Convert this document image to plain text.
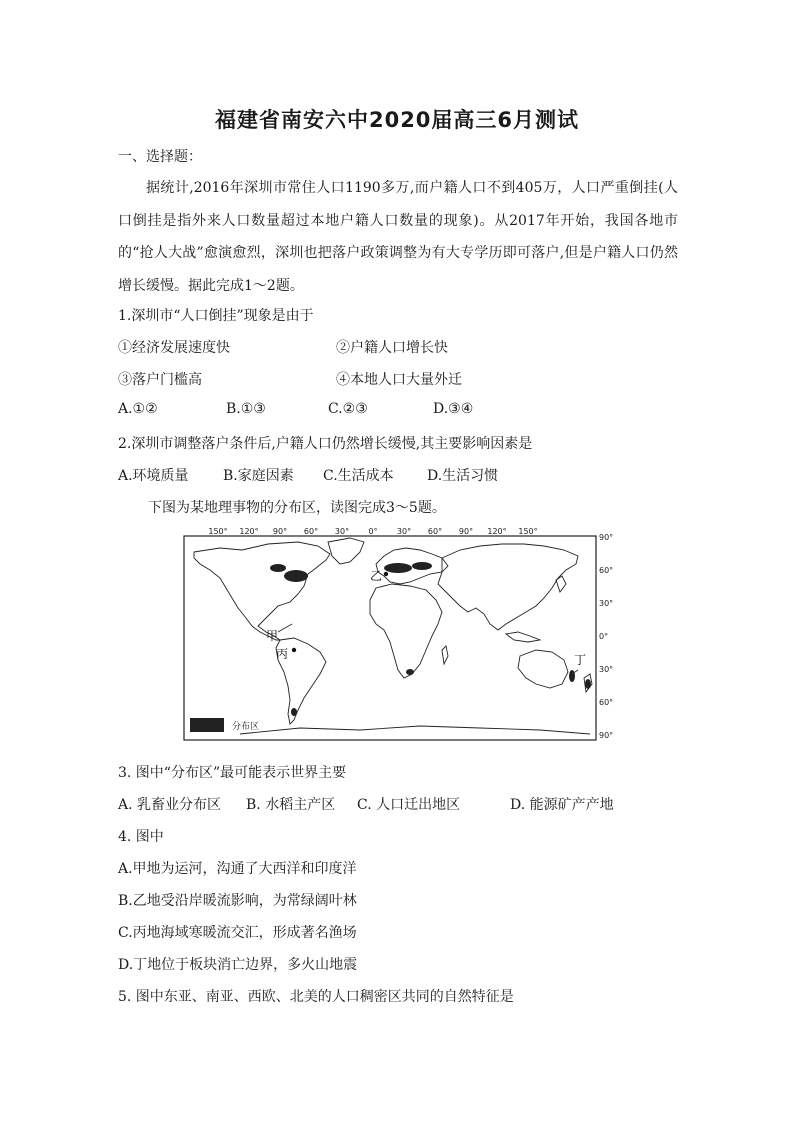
福建省南安六中2020届高三6月测试
一、选择题：
据统计,2016年深圳市常住人口1190多万,而户籍人口不到405万，人口严重倒挂(人口倒挂是指外来人口数量超过本地户籍人口数量的现象)。从2017年开始，我国各地市的“抢人大战”愈演愈烈，深圳也把落户政策调整为有大专学历即可落户,但是户籍人口仍然增长缓慢。据此完成1～2题。
1.深圳市“人口倒挂”现象是由于
①经济发展速度快	②户籍人口增长快
③落户门槛高	④本地人口大量外迁
A.①②	B.①③	C.②③	D.③④
2.深圳市调整落户条件后,户籍人口仍然增长缓慢,其主要影响因素是
A.环境质量 B.家庭因素 C.生活成本 D.生活习惯
下图为某地理事物的分布区，读图完成3～5题。
150° 120° 90° 60° 30° 0° 30° 60° 90° 120° 150°
90°
60°
30°
0°
30°
60°
90°
甲
丙
乙
丁
分布区
3. 图中“分布区”最可能表示世界主要
A. 乳畜业分布区 B. 水稻主产区 C. 人口迁出地区	D. 能源矿产产地
4. 图中
A.甲地为运河，沟通了大西洋和印度洋
B.乙地受沿岸暖流影响，为常绿阔叶林
C.丙地海域寒暖流交汇，形成著名渔场
D.丁地位于板块消亡边界，多火山地震
5. 图中东亚、南亚、西欧、北美的人口稠密区共同的自然特征是
